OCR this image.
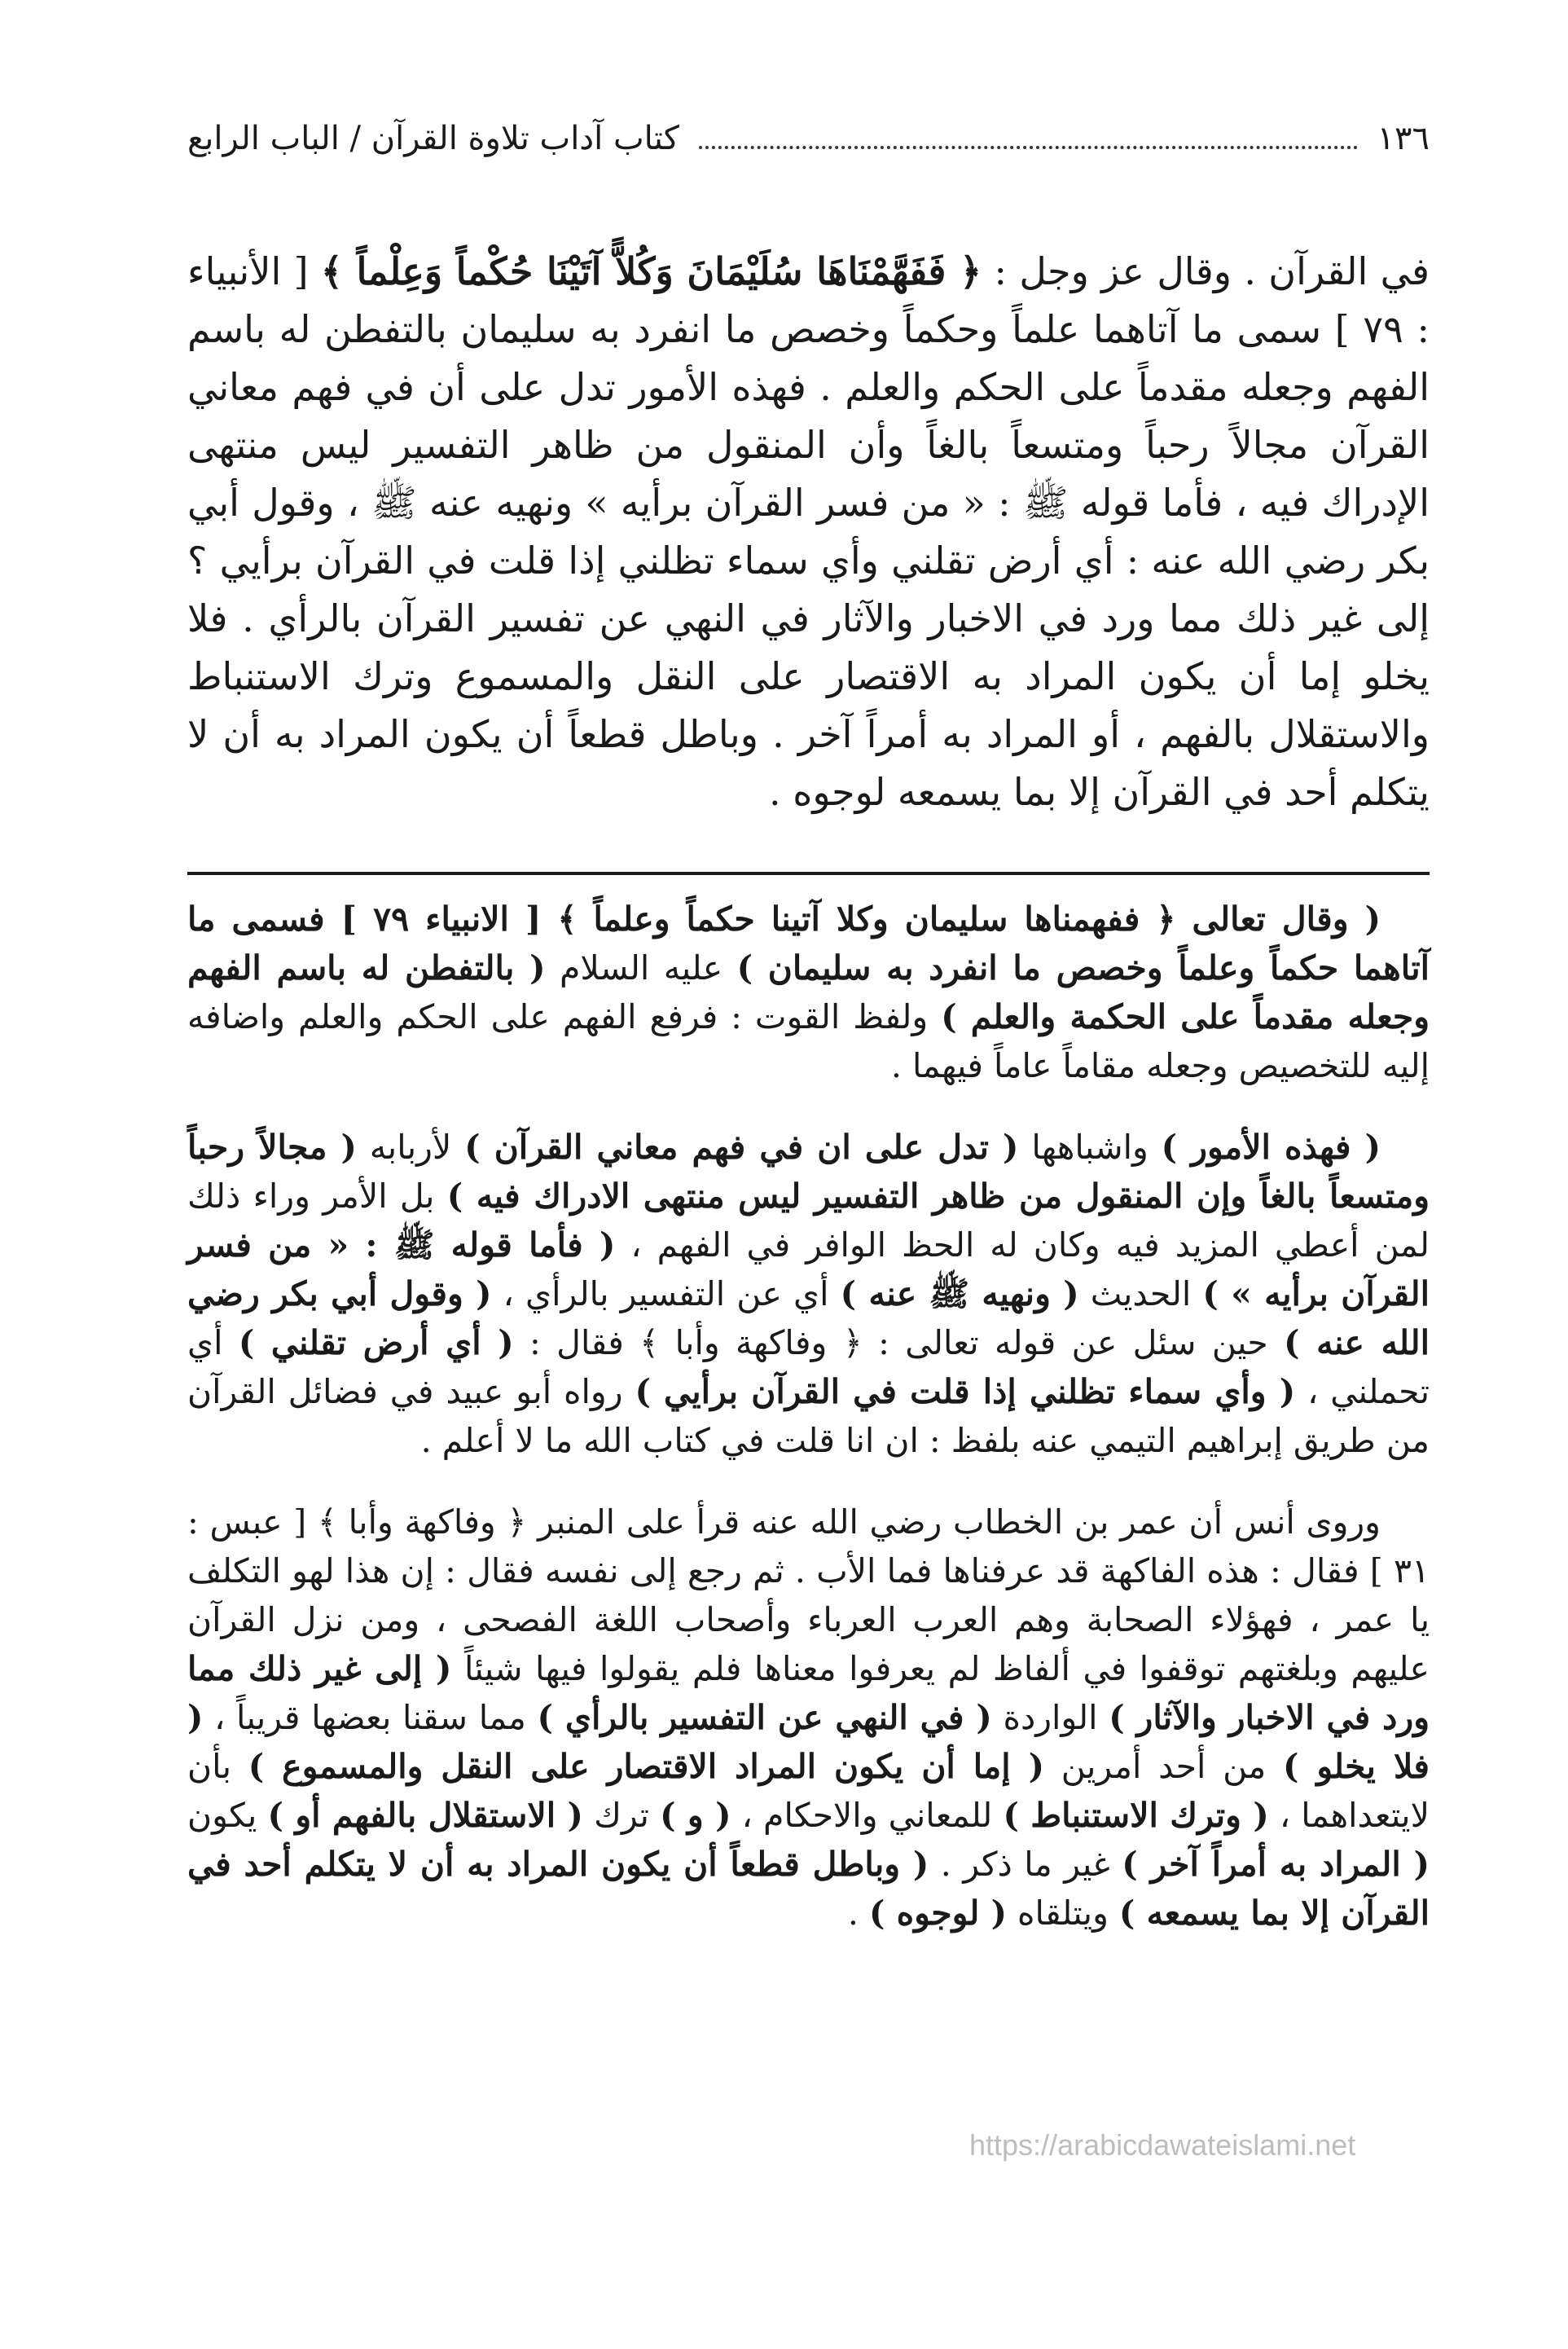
١٣٦
كتاب آداب تلاوة القرآن / الباب الرابع

في القرآن . وقال عز وجل : ﴿ فَفَهَّمْنَاهَا سُلَيْمَانَ وَكُلاًّ آتَيْنَا حُكْماً وَعِلْماً ﴾ [ الأنبياء : ٧٩ ] سمى ما آتاهما علماً وحكماً وخصص ما انفرد به سليمان بالتفطن له باسم الفهم وجعله مقدماً على الحكم والعلم . فهذه الأمور تدل على أن في فهم معاني القرآن مجالاً رحباً ومتسعاً بالغاً وأن المنقول من ظاهر التفسير ليس منتهى الإدراك فيه ، فأما قوله ﷺ : « من فسر القرآن برأيه » ونهيه عنه ﷺ ، وقول أبي بكر رضي الله عنه : أي أرض تقلني وأي سماء تظلني إذا قلت في القرآن برأيي ؟ إلى غير ذلك مما ورد في الاخبار والآثار في النهي عن تفسير القرآن بالرأي . فلا يخلو إما أن يكون المراد به الاقتصار على النقل والمسموع وترك الاستنباط والاستقلال بالفهم ، أو المراد به أمراً آخر . وباطل قطعاً أن يكون المراد به أن لا يتكلم أحد في القرآن إلا بما يسمعه لوجوه .

( وقال تعالى ﴿ ففهمناها سليمان وكلا آتينا حكماً وعلماً ﴾ [ الانبياء ٧٩ ] فسمى ما آتاهما حكماً وعلماً وخصص ما انفرد به سليمان ) عليه السلام ( بالتفطن له باسم الفهم وجعله مقدماً على الحكمة والعلم ) ولفظ القوت : فرفع الفهم على الحكم والعلم واضافه إليه للتخصيص وجعله مقاماً عاماً فيهما .

( فهذه الأمور ) واشباهها ( تدل على ان في فهم معاني القرآن ) لأربابه ( مجالاً رحباً ومتسعاً بالغاً وإن المنقول من ظاهر التفسير ليس منتهى الادراك فيه ) بل الأمر وراء ذلك لمن أعطي المزيد فيه وكان له الحظ الوافر في الفهم ، ( فأما قوله ﷺ : « من فسر القرآن برأيه » ) الحديث ( ونهيه ﷺ عنه ) أي عن التفسير بالرأي ، ( وقول أبي بكر رضي الله عنه ) حين سئل عن قوله تعالى : ﴿ وفاكهة وأبا ﴾ فقال : ( أي أرض تقلني ) أي تحملني ، ( وأي سماء تظلني إذا قلت في القرآن برأيي ) رواه أبو عبيد في فضائل القرآن من طريق إبراهيم التيمي عنه بلفظ : ان انا قلت في كتاب الله ما لا أعلم .

وروى أنس أن عمر بن الخطاب رضي الله عنه قرأ على المنبر ﴿ وفاكهة وأبا ﴾ [ عبس : ٣١ ] فقال : هذه الفاكهة قد عرفناها فما الأب . ثم رجع إلى نفسه فقال : إن هذا لهو التكلف يا عمر ، فهؤلاء الصحابة وهم العرب العرباء وأصحاب اللغة الفصحى ، ومن نزل القرآن عليهم وبلغتهم توقفوا في ألفاظ لم يعرفوا معناها فلم يقولوا فيها شيئاً ( إلى غير ذلك مما ورد في الاخبار والآثار ) الواردة ( في النهي عن التفسير بالرأي ) مما سقنا بعضها قريباً ، ( فلا يخلو ) من أحد أمرين ( إما أن يكون المراد الاقتصار على النقل والمسموع ) بأن لايتعداهما ، ( وترك الاستنباط ) للمعاني والاحكام ، ( و ) ترك ( الاستقلال بالفهم أو ) يكون ( المراد به أمراً آخر ) غير ما ذكر . ( وباطل قطعاً أن يكون المراد به أن لا يتكلم أحد في القرآن إلا بما يسمعه ) ويتلقاه ( لوجوه ) .

https://arabicdawateislami.net
